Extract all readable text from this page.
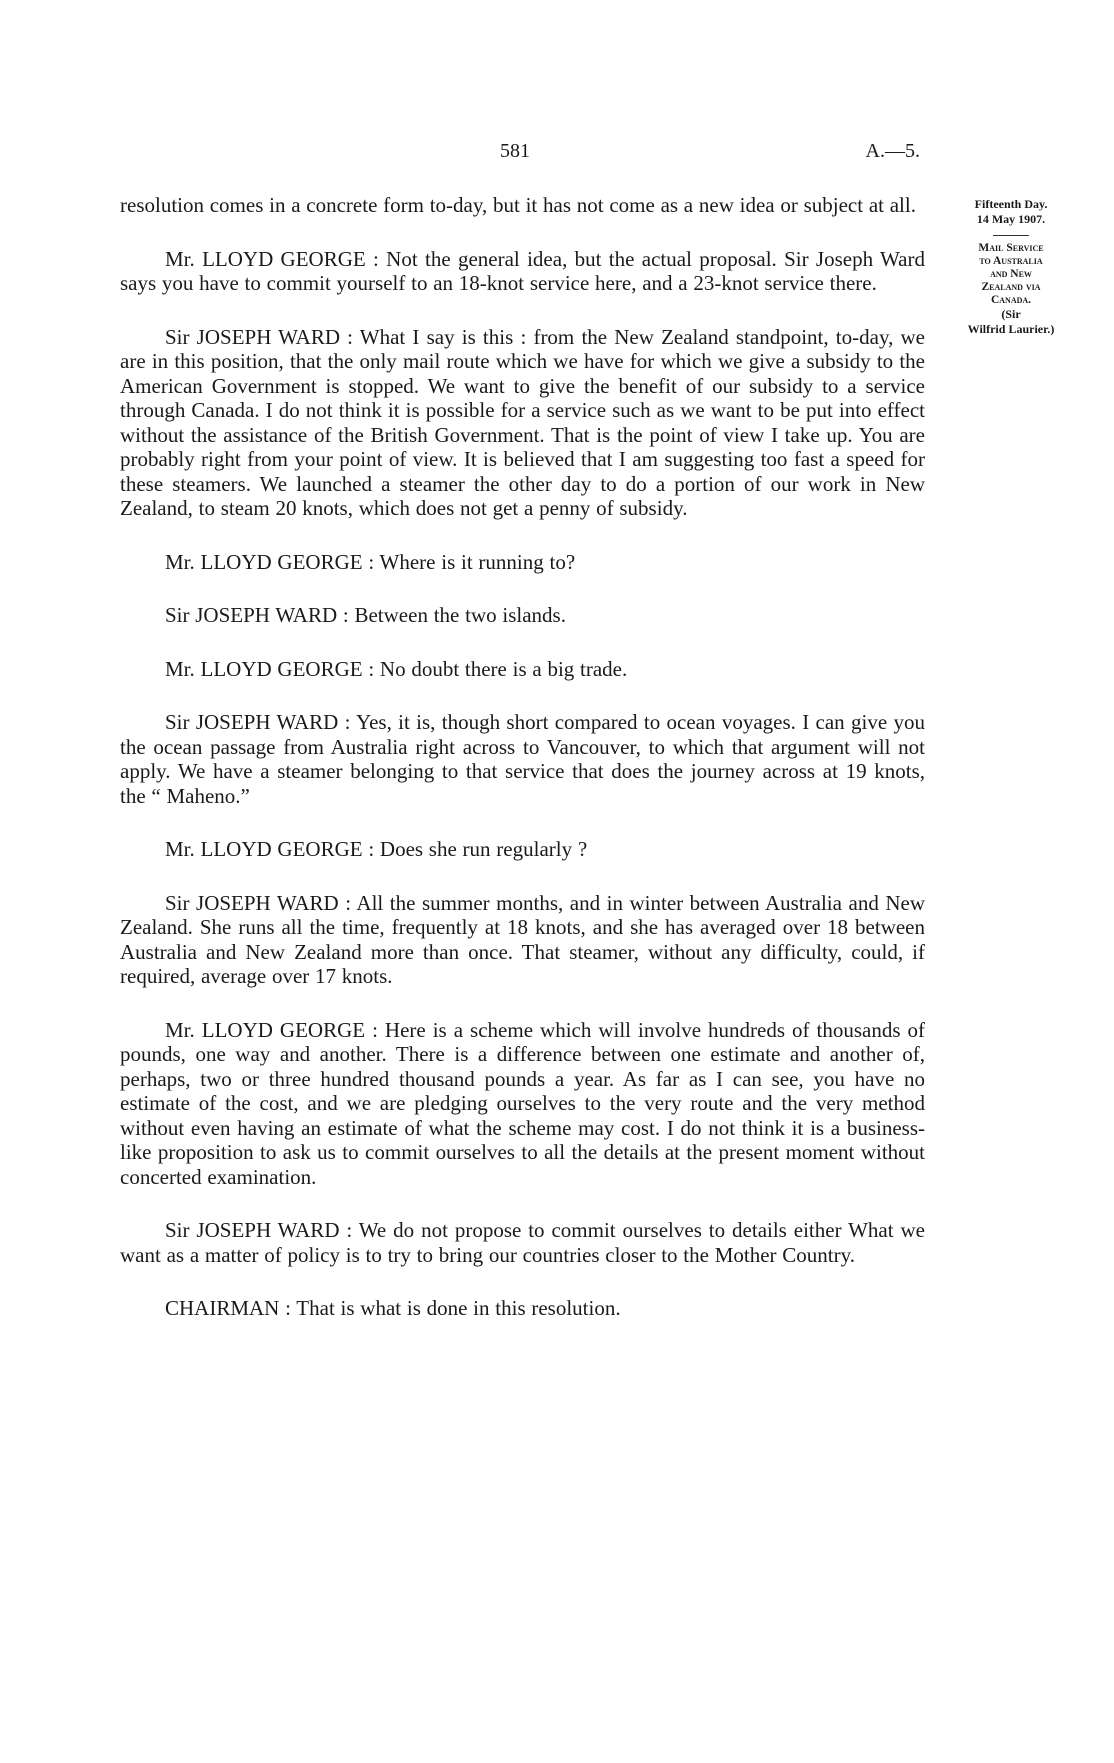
581	A.—5.
Fifteenth Day.
14 May 1907.
Mail Service
to Australia
and New
Zealand via
Canada.
(Sir
Wilfrid Laurier.)

resolution comes in a concrete form to-day, but it has not come as a new idea or subject at all.

Mr. LLOYD GEORGE : Not the general idea, but the actual proposal. Sir Joseph Ward says you have to commit yourself to an 18-knot service here, and a 23-knot service there.

Sir JOSEPH WARD : What I say is this : from the New Zealand standpoint, to-day, we are in this position, that the only mail route which we have for which we give a subsidy to the American Government is stopped. We want to give the benefit of our subsidy to a service through Canada. I do not think it is possible for a service such as we want to be put into effect without the assistance of the British Government. That is the point of view I take up. You are probably right from your point of view. It is believed that I am suggesting too fast a speed for these steamers. We launched a steamer the other day to do a portion of our work in New Zealand, to steam 20 knots, which does not get a penny of subsidy.

Mr. LLOYD GEORGE : Where is it running to?

Sir JOSEPH WARD : Between the two islands.

Mr. LLOYD GEORGE : No doubt there is a big trade.

Sir JOSEPH WARD : Yes, it is, though short compared to ocean voyages. I can give you the ocean passage from Australia right across to Vancouver, to which that argument will not apply. We have a steamer belonging to that service that does the journey across at 19 knots, the “ Maheno.”

Mr. LLOYD GEORGE : Does she run regularly ?

Sir JOSEPH WARD : All the summer months, and in winter between Australia and New Zealand. She runs all the time, frequently at 18 knots, and she has averaged over 18 between Australia and New Zealand more than once. That steamer, without any difficulty, could, if required, average over 17 knots.

Mr. LLOYD GEORGE : Here is a scheme which will involve hundreds of thousands of pounds, one way and another. There is a difference between one estimate and another of, perhaps, two or three hundred thousand pounds a year. As far as I can see, you have no estimate of the cost, and we are pledging ourselves to the very route and the very method without even having an estimate of what the scheme may cost. I do not think it is a business-like proposition to ask us to commit ourselves to all the details at the present moment without concerted examination.

Sir JOSEPH WARD : We do not propose to commit ourselves to details either What we want as a matter of policy is to try to bring our countries closer to the Mother Country.

CHAIRMAN : That is what is done in this resolution.
